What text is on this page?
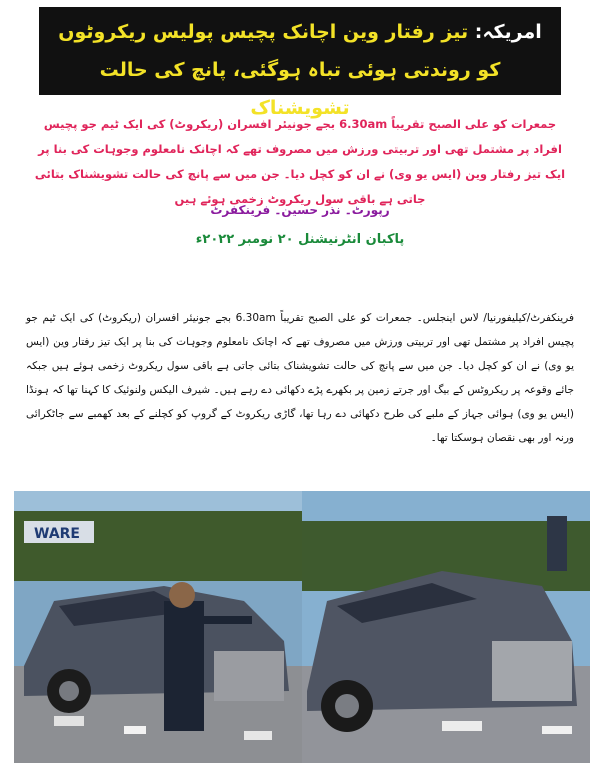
امریکہ: تیز رفتار وین اچانک پچیس پولیس ریکروٹوں کو روندتی ہوئی تباہ ہوگئی، پانچ کی حالت تشویشناک
جمعرات کو علی الصبح تقریباً 6.30am بجے جونیئر افسران (ریکروٹ) کی ایک ٹیم جو پچیس افراد پر مشتمل تھی اور تربیتی ورزش میں مصروف تھے کہ اچانک نامعلوم وجوہات کی بنا پر ایک تیز رفتار وین (ایس یو وی) نے ان کو کچل دیا۔ جن میں سے پانچ کی حالت تشویشناک بتائی جاتی ہے باقی سول ریکروٹ زخمی ہوئے ہیں
رپورٹ۔ نذر حسین۔ فرینکفرٹ
پاکبان انٹرنیشنل ۲۰ نومبر ۲۰۲۲ء
فرینکفرٹ/کیلیفورنیا/ لاس اینجلس۔ جمعرات کو علی الصبح تقریباً 6.30am بجے جونیئر افسران (ریکروٹ) کی ایک ٹیم جو پچیس افراد پر مشتمل تھی اور تربیتی ورزش میں مصروف تھے کہ اچانک نامعلوم وجوہات کی بنا پر ایک تیز رفتار وین (ایس یو وی) نے ان کو کچل دیا۔ جن میں سے پانچ کی حالت تشویشناک بتائی جاتی ہے باقی سول ریکروٹ زخمی ہوئے ہیں جبکہ جائے وقوعہ پر ریکروٹس کے بیگ اور جرتے زمین پر بکھرے پڑے دکھائی دے رہے ہیں۔ شیرف الیکس ولنوئیک کا کہنا تھا کہ ہونڈا (ایس یو وی) ہوائی جہاز کے ملبے کی طرح دکھائی دے رہا تھا، گاڑی ریکروٹ کے گروپ کو کچلنے کے بعد کھمبے سے جاٹکرائی ورنہ اور بھی نقصان ہوسکتا تھا۔
WARE
